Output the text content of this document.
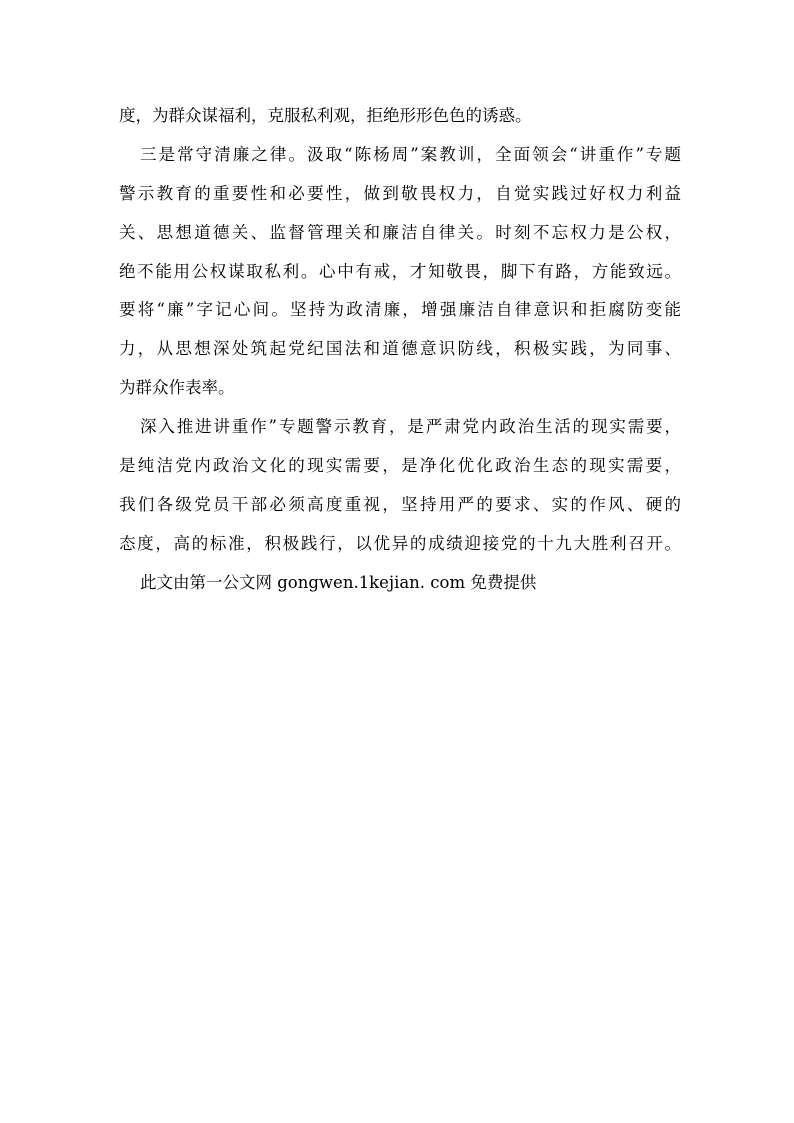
度，为群众谋福利，克服私利观，拒绝形形色色的诱惑。
三是常守清廉之律。汲取“陈杨周”案教训，全面领会“讲重作”专题
警示教育的重要性和必要性，做到敬畏权力，自觉实践过好权力利益
关、思想道德关、监督管理关和廉洁自律关。时刻不忘权力是公权，
绝不能用公权谋取私利。心中有戒，才知敬畏，脚下有路，方能致远。
要将“廉”字记心间。坚持为政清廉，增强廉洁自律意识和拒腐防变能
力，从思想深处筑起党纪国法和道德意识防线，积极实践，为同事、
为群众作表率。
深入推进讲重作”专题警示教育，是严肃党内政治生活的现实需要，
是纯洁党内政治文化的现实需要，是净化优化政治生态的现实需要，
我们各级党员干部必须高度重视，坚持用严的要求、实的作风、硬的
态度，高的标准，积极践行，以优异的成绩迎接党的十九大胜利召开。
此文由第一公文网 gongwen.1kejian. com 免费提供
